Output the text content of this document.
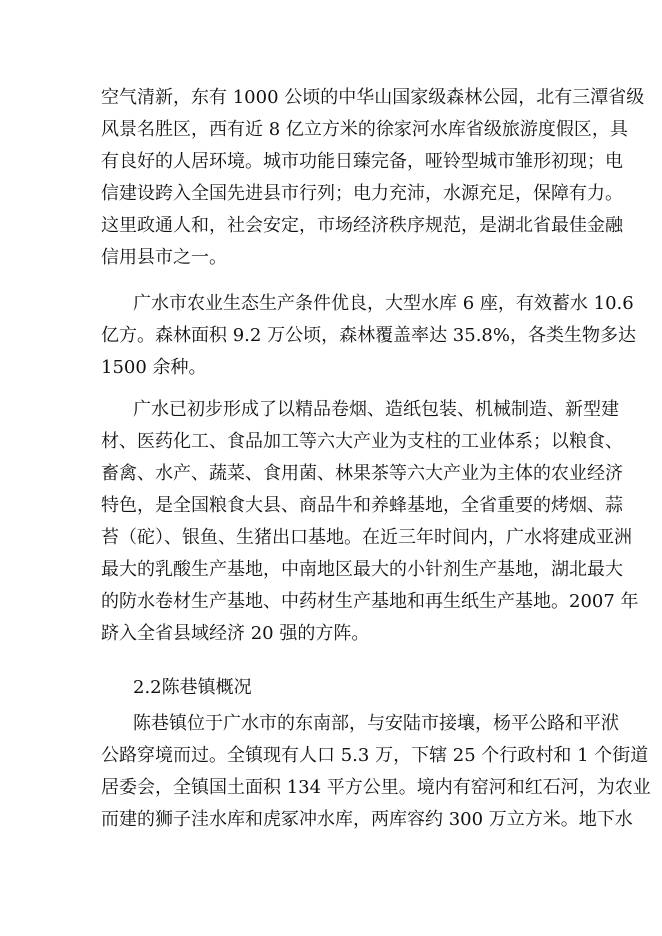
空气清新，东有 1000 公顷的中华山国家级森林公园，北有三潭省级
风景名胜区，西有近 8 亿立方米的徐家河水库省级旅游度假区，具
有良好的人居环境。城市功能日臻完备，哑铃型城市雏形初现；电
信建设跨入全国先进县市行列；电力充沛，水源充足，保障有力。
这里政通人和，社会安定，市场经济秩序规范，是湖北省最佳金融
信用县市之一。
广水市农业生态生产条件优良，大型水库 6 座，有效蓄水 10.6
亿方。森林面积 9.2 万公顷，森林覆盖率达 35.8%，各类生物多达
1500 余种。
广水已初步形成了以精品卷烟、造纸包装、机械制造、新型建
材、医药化工、食品加工等六大产业为支柱的工业体系；以粮食、
畜禽、水产、蔬菜、食用菌、林果茶等六大产业为主体的农业经济
特色，是全国粮食大县、商品牛和养蜂基地，全省重要的烤烟、蒜
苔（砣）、银鱼、生猪出口基地。在近三年时间内，广水将建成亚洲
最大的乳酸生产基地，中南地区最大的小针剂生产基地，湖北最大
的防水卷材生产基地、中药材生产基地和再生纸生产基地。2007 年
跻入全省县域经济 20 强的方阵。
2.2陈巷镇概况
陈巷镇位于广水市的东南部，与安陆市接壤，杨平公路和平洑
公路穿境而过。全镇现有人口 5.3 万，下辖 25 个行政村和 1 个街道
居委会，全镇国土面积 134 平方公里。境内有窑河和红石河，为农业
而建的狮子洼水库和虎冢冲水库，两库容约 300 万立方米。地下水
